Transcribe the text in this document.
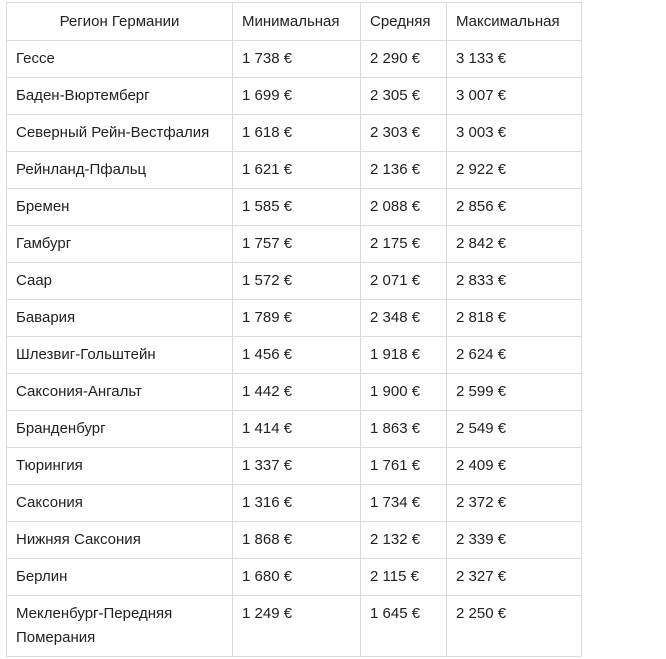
Регион Германии	Минимальная	Средняя	Максимальная
Гессе	1 738 €	2 290 €	3 133 €
Баден-Вюртемберг	1 699 €	2 305 €	3 007 €
Северный Рейн-Вестфалия	1 618 €	2 303 €	3 003 €
Рейнланд-Пфальц	1 621 €	2 136 €	2 922 €
Бремен	1 585 €	2 088 €	2 856 €
Гамбург	1 757 €	2 175 €	2 842 €
Саар	1 572 €	2 071 €	2 833 €
Бавария	1 789 €	2 348 €	2 818 €
Шлезвиг-Гольштейн	1 456 €	1 918 €	2 624 €
Саксония-Ангальт	1 442 €	1 900 €	2 599 €
Бранденбург	1 414 €	1 863 €	2 549 €
Тюрингия	1 337 €	1 761 €	2 409 €
Саксония	1 316 €	1 734 €	2 372 €
Нижняя Саксония	1 868 €	2 132 €	2 339 €
Берлин	1 680 €	2 115 €	2 327 €
Мекленбург-Передняя Померания	1 249 €	1 645 €	2 250 €
